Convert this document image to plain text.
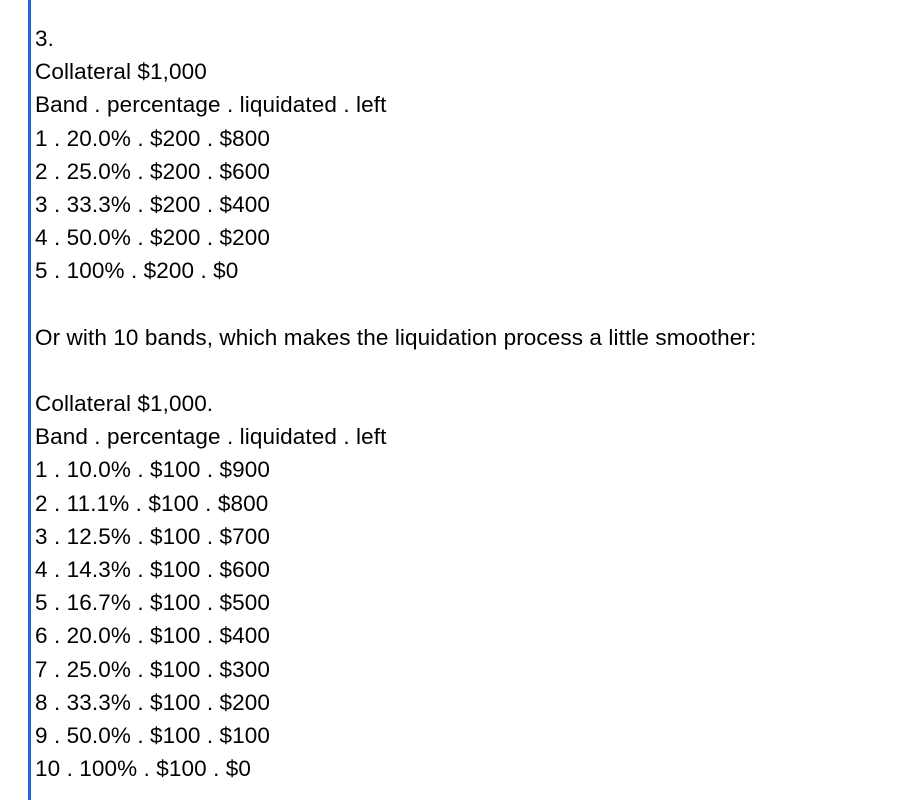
3.
Collateral $1,000
Band . percentage . liquidated . left
1 . 20.0% . $200 . $800
2 . 25.0% . $200 . $600
3 . 33.3% . $200 . $400
4 . 50.0% . $200 . $200
5 . 100% . $200 . $0
Or with 10 bands, which makes the liquidation process a little smoother:
Collateral $1,000.
Band . percentage . liquidated . left
1 . 10.0% . $100 . $900
2 . 11.1% . $100 . $800
3 . 12.5% . $100 . $700
4 . 14.3% . $100 . $600
5 . 16.7% . $100 . $500
6 . 20.0% . $100 . $400
7 . 25.0% . $100 . $300
8 . 33.3% . $100 . $200
9 . 50.0% . $100 . $100
10 . 100% . $100 . $0
